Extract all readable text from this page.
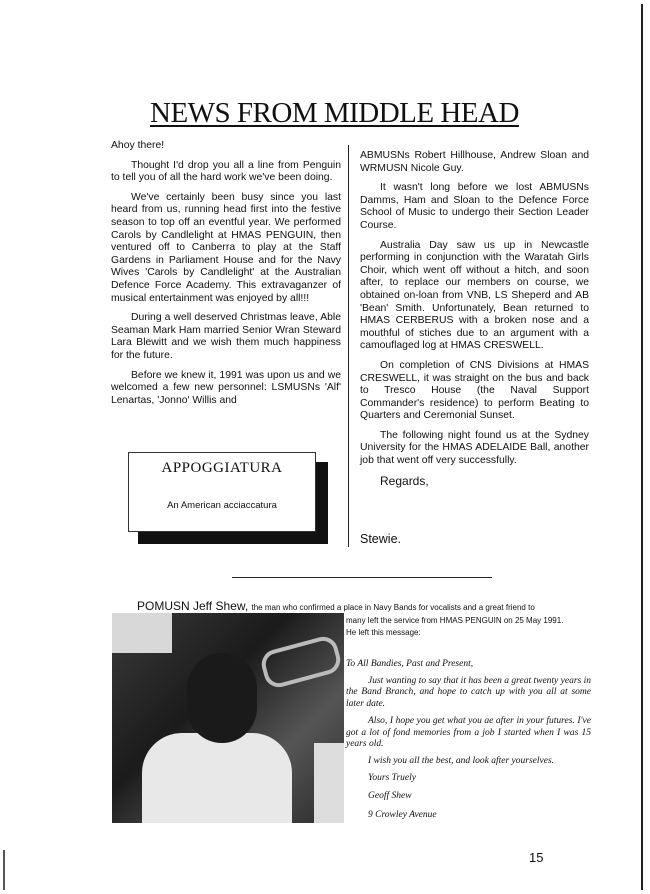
NEWS FROM MIDDLE HEAD

Ahoy there!

Thought I'd drop you all a line from Penguin to tell you of all the hard work we've been doing.

We've certainly been busy since you last heard from us, running head first into the festive season to top off an eventful year. We performed Carols by Candlelight at HMAS PENGUIN, then ventured off to Canberra to play at the Staff Gardens in Parliament House and for the Navy Wives 'Carols by Candlelight' at the Australian Defence Force Academy. This extravaganzer of musical entertainment was enjoyed by all!!!

During a well deserved Christmas leave, Able Seaman Mark Ham married Senior Wran Steward Lara Blewitt and we wish them much happiness for the future.

Before we knew it, 1991 was upon us and we welcomed a few new personnel: LSMUSNs 'Alf' Lenartas, 'Jonno' Willis and

ABMUSNs Robert Hillhouse, Andrew Sloan and WRMUSN Nicole Guy.

It wasn't long before we lost ABMUSNs Damms, Ham and Sloan to the Defence Force School of Music to undergo their Section Leader Course.

Australia Day saw us up in Newcastle performing in conjunction with the Waratah Girls Choir, which went off without a hitch, and soon after, to replace our members on course, we obtained on-loan from VNB, LS Sheperd and AB 'Bean' Smith. Unfortunately, Bean returned to HMAS CERBERUS with a broken nose and a mouthful of stiches due to an argument with a camouflaged log at HMAS CRESWELL.

On completion of CNS Divisions at HMAS CRESWELL, it was straight on the bus and back to Tresco House (the Naval Support Commander's residence) to perform Beating to Quarters and Ceremonial Sunset.

The following night found us at the Sydney University for the HMAS ADELAIDE Ball, another job that went off very successfully.

Regards,

Stewie.
APPOGGIATURA
An American acciaccatura
POMUSN Jeff Shew, the man who confirmed a place in Navy Bands for vocalists and a great friend to
many left the service from HMAS PENGUIN on 25 May 1991.
He left this message:

To All Bandies, Past and Present,

Just wanting to say that it has been a great twenty years in the Band Branch, and hope to catch up with you all at some later date.

Also, I hope you get what you ae after in your futures. I've got a lot of fond memories from a job I started when I was 15 years old.

I wish you all the best, and look after yourselves.

Yours Truely
Geoff Shew
9 Crowley Avenue
15
